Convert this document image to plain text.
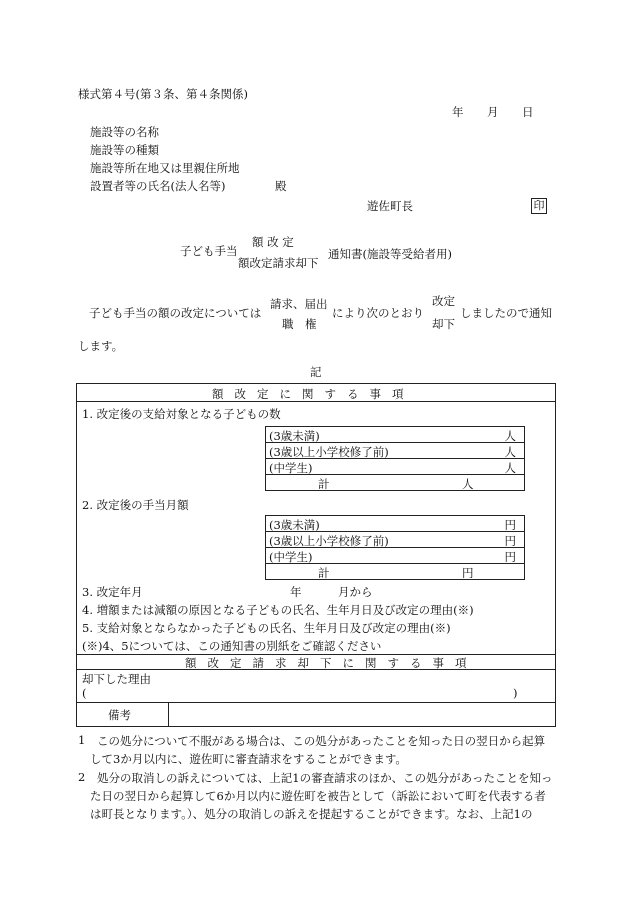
様式第４号(第３条、第４条関係)
年 月 日
施設等の名称
施設等の種類
施設等所在地又は里親住所地
設置者等の氏名(法人名等)	殿
遊佐町長	印
子ども手当
額 改 定
額改定請求却下
通知書(施設等受給者用)
子ども手当の額の改定については
請求、届出
職　権
により次のとおり
改定
却下
しましたので通知
します。
記
額改定に関する事項
1. 改定後の支給対象となる子どもの数
(3歳未満)	人
(3歳以上小学校修了前)	人
(中学生)	人
計	人
2. 改定後の手当月額
(3歳未満)	円
(3歳以上小学校修了前)	円
(中学生)	円
計	円
3. 改定年月	年	月から
4. 増額または減額の原因となる子どもの氏名、生年月日及び改定の理由(※)
5. 支給対象とならなかった子どもの氏名、生年月日及び改定の理由(※)
(※)4、5については、この通知書の別紙をご確認ください
額改定請求却下に関する事項
却下した理由
(	)
備考
1 この処分について不服がある場合は、この処分があったことを知った日の翌日から起算
して3か月以内に、遊佐町に審査請求をすることができます。
2 処分の取消しの訴えについては、上記1の審査請求のほか、この処分があったことを知っ
た日の翌日から起算して6か月以内に遊佐町を被告として（訴訟において町を代表する者
は町長となります。）、処分の取消しの訴えを提起することができます。なお、上記1の
